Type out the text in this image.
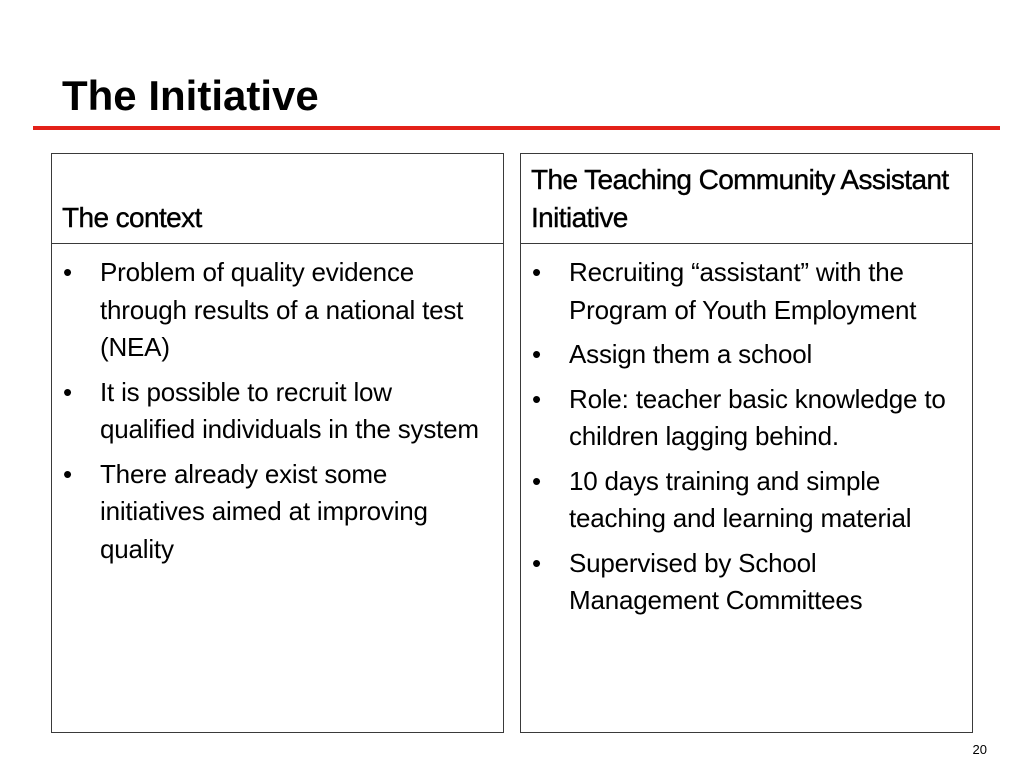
The Initiative
The context
• Problem of quality evidence through results of a national test (NEA)
• It is possible to recruit low qualified individuals in the system
• There already exist some initiatives aimed at improving quality
The Teaching Community Assistant Initiative
• Recruiting “assistant” with the Program of Youth Employment
• Assign them a school
• Role: teacher basic knowledge to children lagging behind.
• 10 days training and simple teaching and learning material
• Supervised by School Management Committees
20
